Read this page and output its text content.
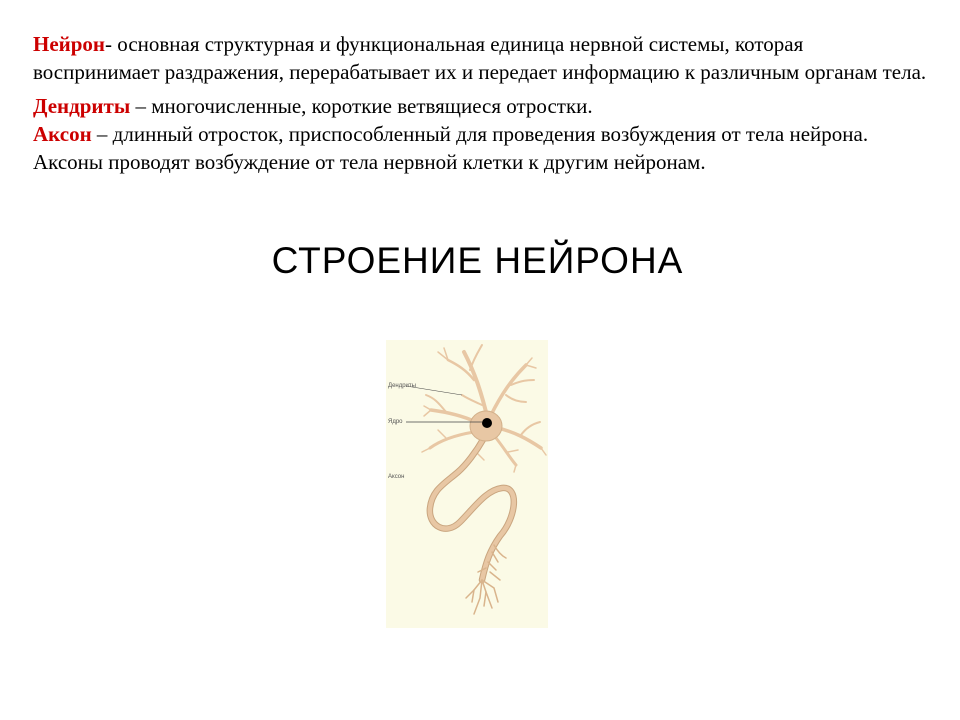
Нейрон- основная структурная и функциональная единица нервной системы, которая воспринимает раздражения, перерабатывает их и передает информацию к различным органам тела.

Дендриты – многочисленные, короткие ветвящиеся отростки.

Аксон – длинный отросток, приспособленный для проведения возбуждения от тела нейрона. Аксоны проводят возбуждение от тела нервной клетки к другим нейронам.

СТРОЕНИЕ НЕЙРОНА
Дендриты
Ядро
Аксон
